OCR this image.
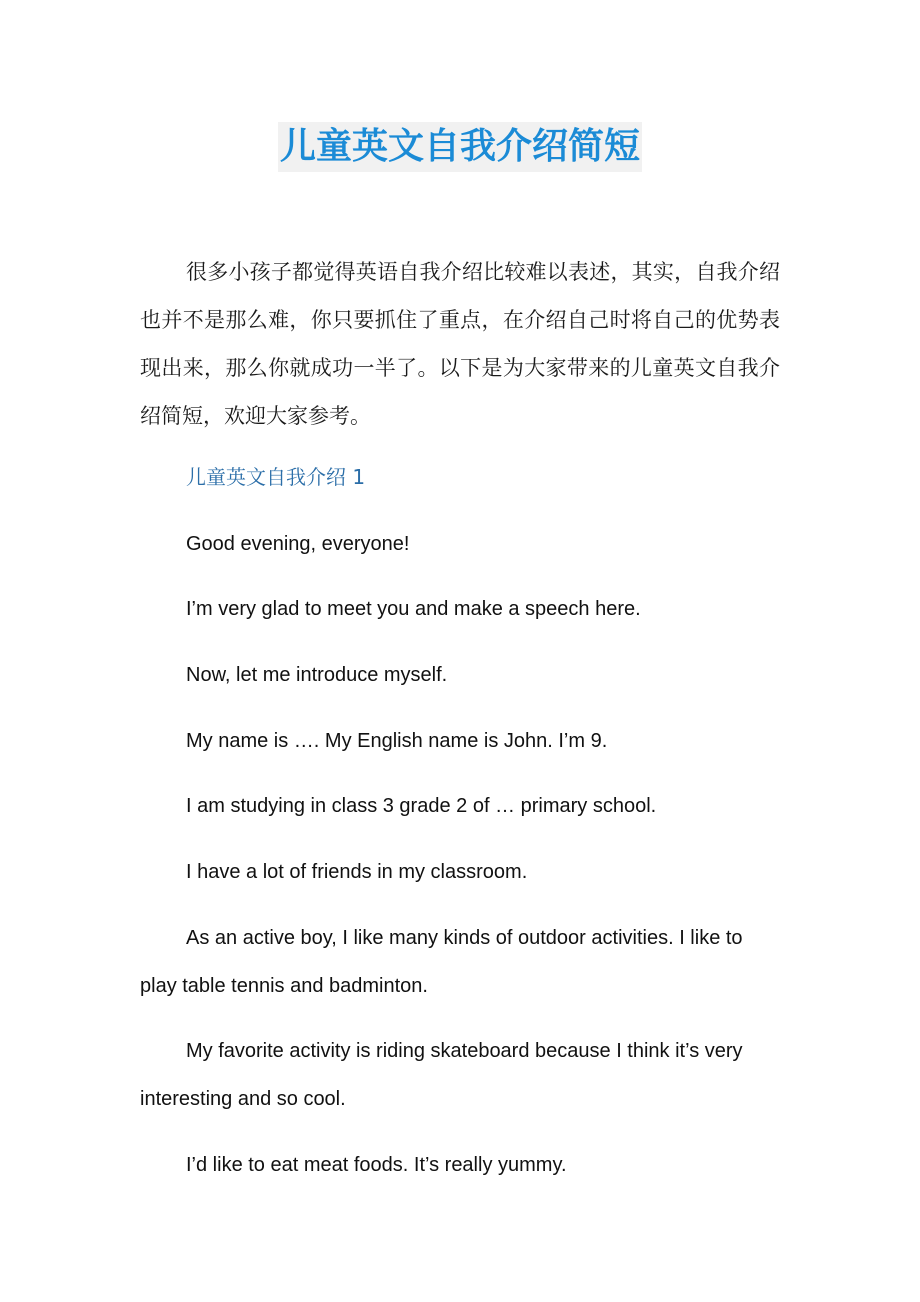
儿童英文自我介绍简短

很多小孩子都觉得英语自我介绍比较难以表述，其实，自我介绍也并不是那么难，你只要抓住了重点，在介绍自己时将自己的优势表现出来，那么你就成功一半了。以下是为大家带来的儿童英文自我介绍简短，欢迎大家参考。

儿童英文自我介绍 1

Good evening, everyone!

I’m very glad to meet you and make a speech here.

Now, let me introduce myself.

My name is …. My English name is John. I’m 9.

I am studying in class 3 grade 2 of … primary school.

I have a lot of friends in my classroom.

As an active boy, I like many kinds of outdoor activities. I like to play table tennis and badminton.

My favorite activity is riding skateboard because I think it’s very interesting and so cool.

I’d like to eat meat foods. It’s really yummy.
